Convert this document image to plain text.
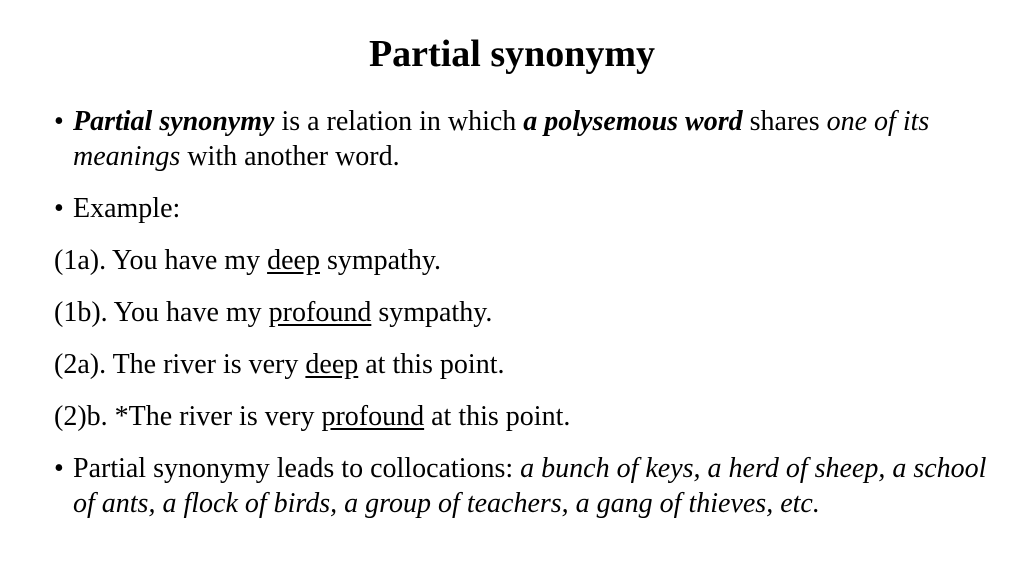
Partial synonymy
• Partial synonymy is a relation in which a polysemous word shares one of its meanings with another word.
• Example:
(1a). You have my deep sympathy.
(1b). You have my profound sympathy.
(2a). The river is very deep at this point.
(2)b. *The river is very profound at this point.
• Partial synonymy leads to collocations: a bunch of keys, a herd of sheep, a school of ants, a flock of birds, a group of teachers, a gang of thieves, etc.
